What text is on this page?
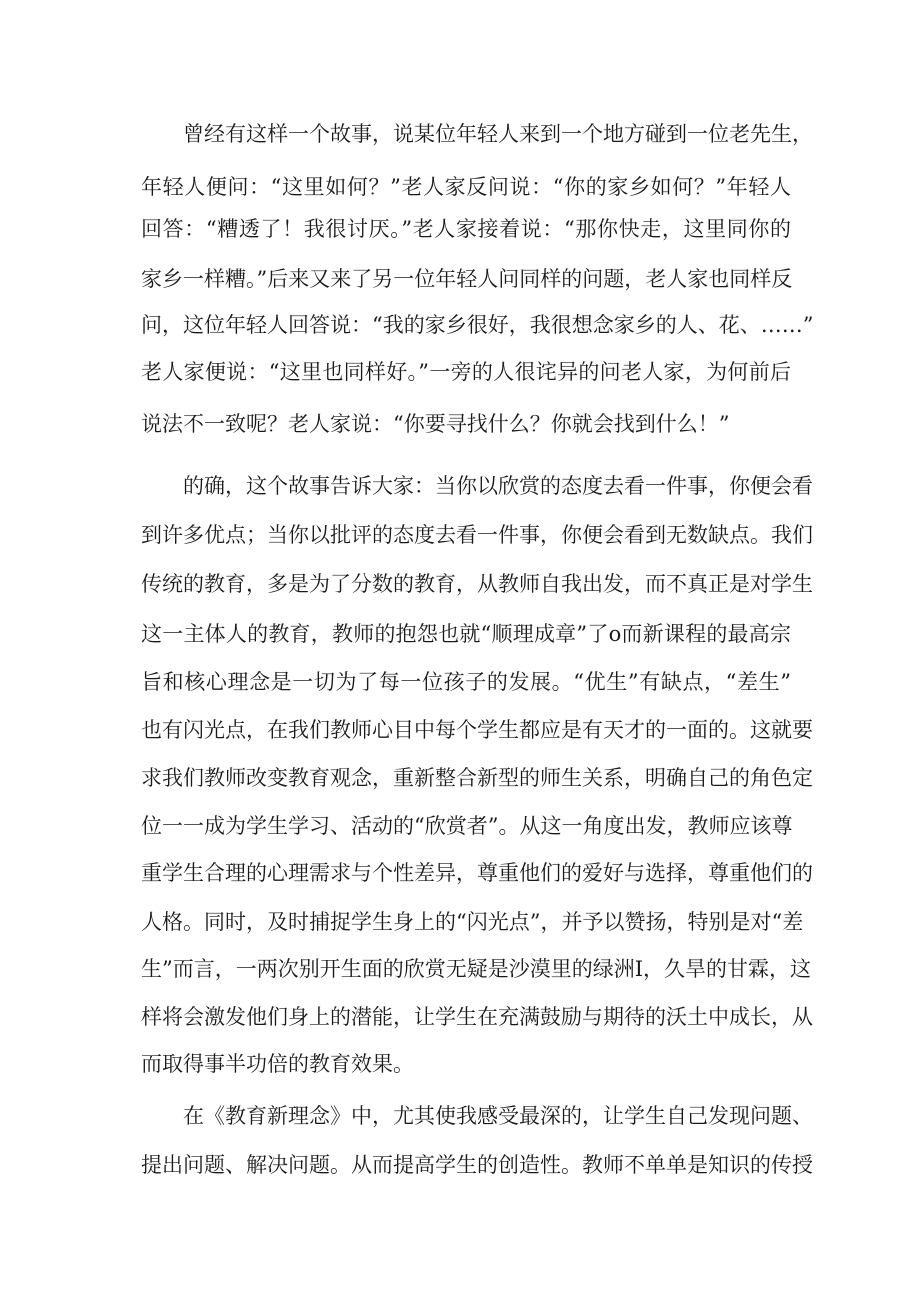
曾经有这样一个故事，说某位年轻人来到一个地方碰到一位老先生，
年轻人便问：“这里如何？”老人家反问说：“你的家乡如何？”年轻人
回答：“糟透了！我很讨厌。”老人家接着说：“那你快走，这里同你的
家乡一样糟。”后来又来了另一位年轻人问同样的问题，老人家也同样反
问，这位年轻人回答说：“我的家乡很好，我很想念家乡的人、花、……”
老人家便说：“这里也同样好。”一旁的人很诧异的问老人家，为何前后
说法不一致呢？老人家说：“你要寻找什么？你就会找到什么！”
的确，这个故事告诉大家：当你以欣赏的态度去看一件事，你便会看
到许多优点；当你以批评的态度去看一件事，你便会看到无数缺点。我们
传统的教育，多是为了分数的教育，从教师自我出发，而不真正是对学生
这一主体人的教育，教师的抱怨也就“顺理成章”了o而新课程的最高宗
旨和核心理念是一切为了每一位孩子的发展。“优生”有缺点，“差生”
也有闪光点，在我们教师心目中每个学生都应是有天才的一面的。这就要
求我们教师改变教育观念，重新整合新型的师生关系，明确自己的角色定
位一一成为学生学习、活动的“欣赏者”。从这一角度出发，教师应该尊
重学生合理的心理需求与个性差异，尊重他们的爱好与选择，尊重他们的
人格。同时，及时捕捉学生身上的“闪光点”，并予以赞扬，特别是对“差
生”而言，一两次别开生面的欣赏无疑是沙漠里的绿洲I，久旱的甘霖，这
样将会激发他们身上的潜能，让学生在充满鼓励与期待的沃土中成长，从
而取得事半功倍的教育效果。
在《教育新理念》中，尤其使我感受最深的，让学生自己发现问题、
提出问题、解决问题。从而提高学生的创造性。教师不单单是知识的传授
